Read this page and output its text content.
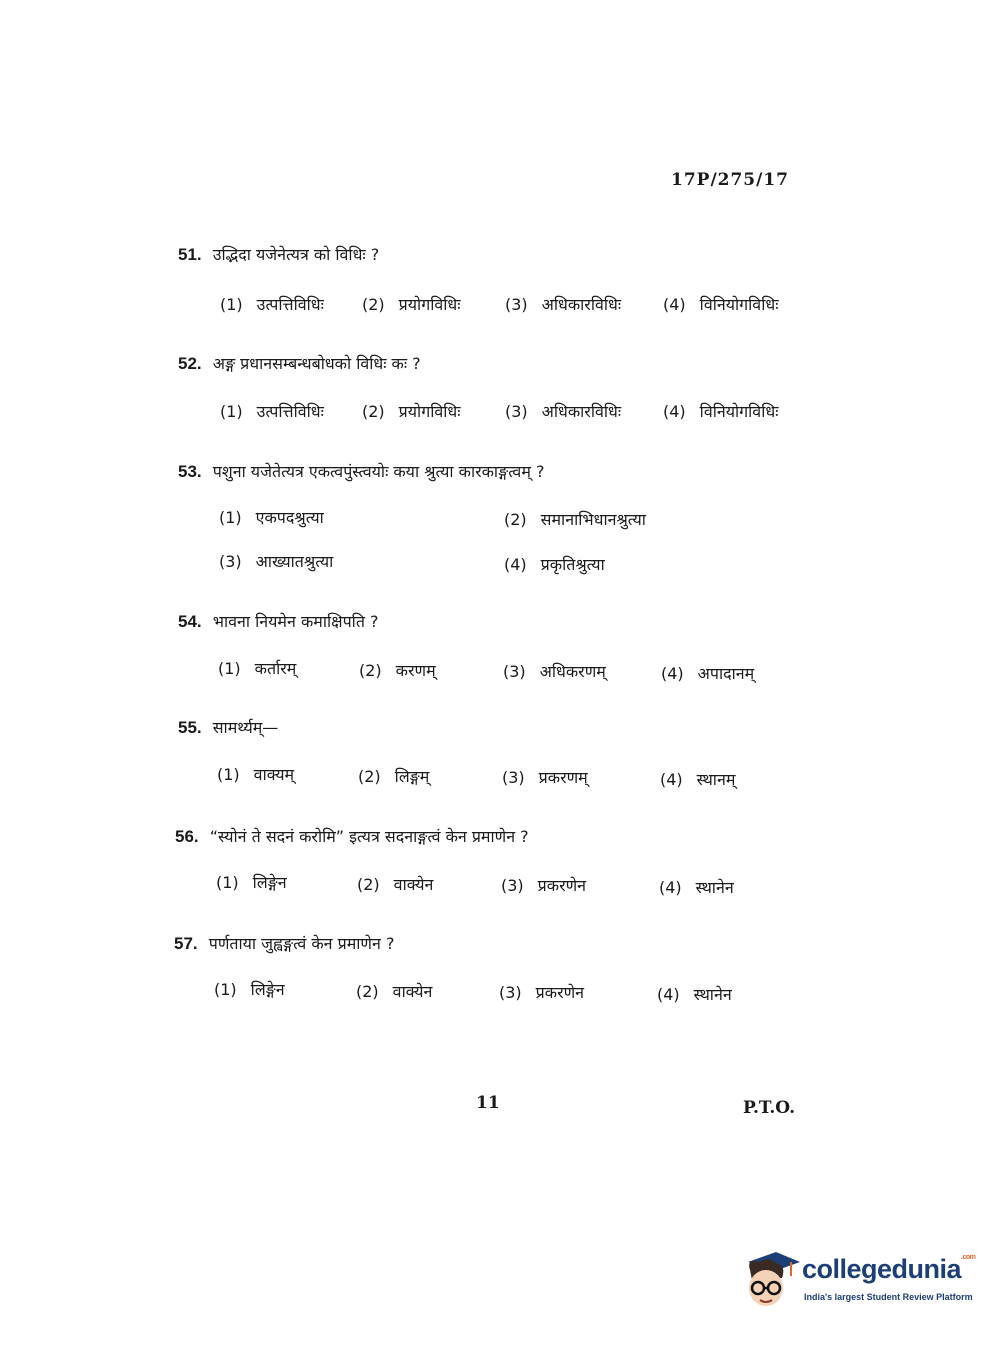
17P/275/17
51. उद्भिदा यजेनेत्यत्र को विधिः ?
(1) उत्पत्तिविधिः (2) प्रयोगविधिः	(3) अधिकारविधिः	(4) विनियोगविधिः
52. अङ्ग प्रधानसम्बन्धबोधको विधिः कः ?
(1) उत्पत्तिविधिः (2) प्रयोगविधिः	(3) अधिकारविधिः	(4) विनियोगविधिः
53. पशुना यजेतेत्यत्र एकत्वपुंस्त्वयोः कया श्रुत्या कारकाङ्गत्वम् ?
(1) एकपदश्रुत्या	(2) समानाभिधानश्रुत्या
(3) आख्यातश्रुत्या	(4) प्रकृतिश्रुत्या
54. भावना नियमेन कमाक्षिपति ?
(1) कर्तारम्	(2) करणम्	(3) अधिकरणम्	(4) अपादानम्
55. सामर्थ्यम्—
(1) वाक्यम्	(2) लिङ्गम्	(3) प्रकरणम्	(4) स्थानम्
56. “स्योनं ते सदनं करोमि” इत्यत्र सदनाङ्गत्वं केन प्रमाणेन ?
(1) लिङ्गेन	(2) वाक्येन	(3) प्रकरणेन	(4) स्थानेन
57. पर्णताया जुह्वङ्गत्वं केन प्रमाणेन ?
(1) लिङ्गेन	(2) वाक्येन	(3) प्रकरणेन	(4) स्थानेन
11	P.T.O.
collegedunia$^{.com}$
India's largest Student Review Platform
